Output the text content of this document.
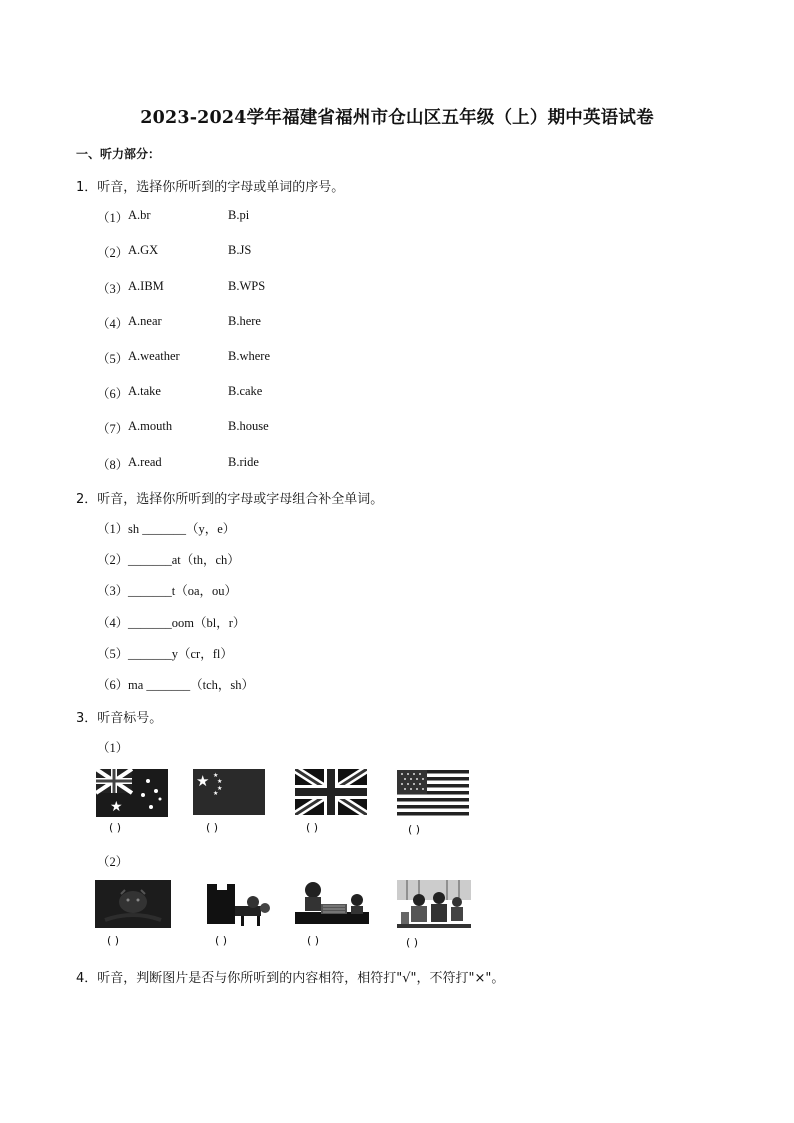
2023-2024学年福建省福州市仓山区五年级（上）期中英语试卷
一、听力部分：
1．听音，选择你所听到的字母或单词的序号。
（1） A.br	B.pi
（2） A.GX	B.JS
（3） A.IBM	B.WPS
（4） A.near	B.here
（5） A.weather	B.where
（6） A.take	B.cake
（7） A.mouth	B.house
（8） A.read	B.ride
2．听音，选择你所听到的字母或字母组合补全单词。
（1） sh _______（y，e）
（2） _______at（th，ch）
（3） _______t（oa，ou）
（4） _______oom（bl，r）
（5） _______y（cr，fl）
（6） ma _______（tch，sh）
3．听音标号。
（1）
★
★ ★
★
★
★
( )	( )	( )	( )
（2）
( )	( )	( )	( )
4．听音，判断图片是否与你所听到的内容相符，相符打"√"，不符打"×"。
